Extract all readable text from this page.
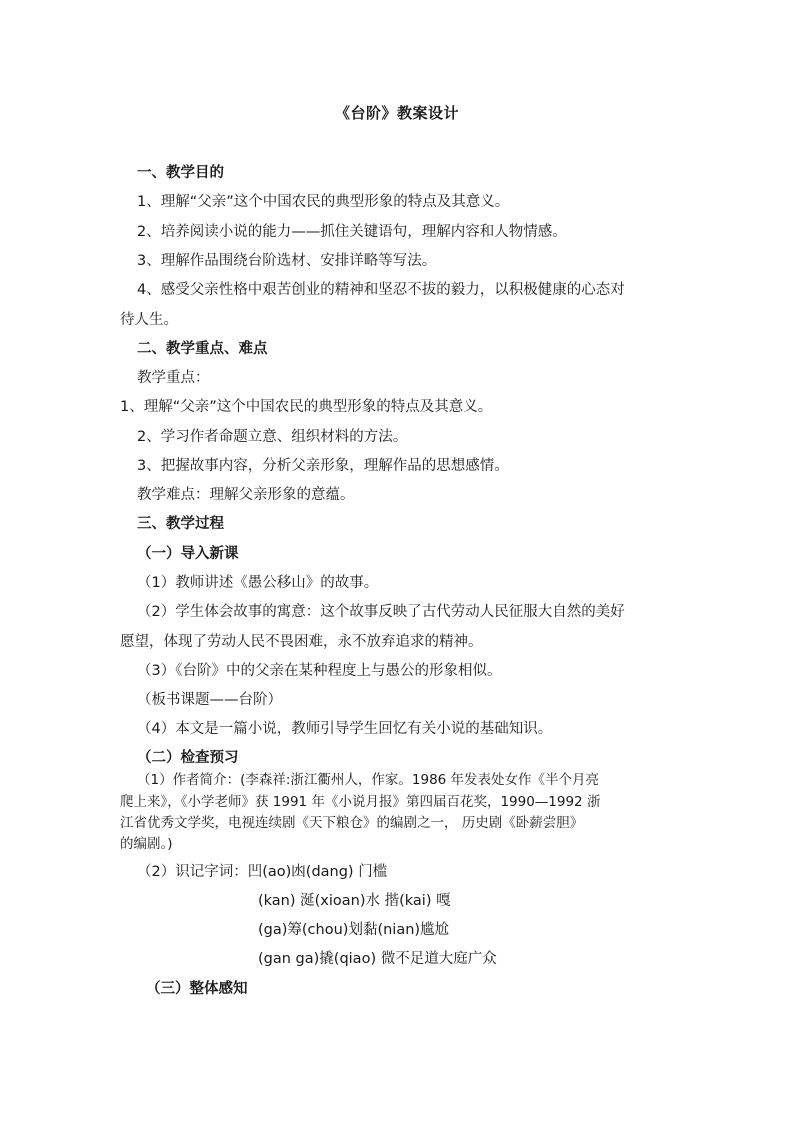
《台阶》教案设计
一、教学目的
1、理解“父亲”这个中国农民的典型形象的特点及其意义。
2、培养阅读小说的能力——抓住关键语句，理解内容和人物情感。
3、理解作品围绕台阶选材、安排详略等写法。
4、感受父亲性格中艰苦创业的精神和坚忍不拔的毅力，以积极健康的心态对
待人生。
二、教学重点、难点
教学重点：
1、理解“父亲”这个中国农民的典型形象的特点及其意义。
2、学习作者命题立意、组织材料的方法。
3、把握故事内容，分析父亲形象，理解作品的思想感情。
教学难点：理解父亲形象的意蕴。
三、教学过程
（一）导入新课
（1）教师讲述《愚公移山》的故事。
（2）学生体会故事的寓意：这个故事反映了古代劳动人民征服大自然的美好
愿望，体现了劳动人民不畏困难，永不放弃追求的精神。
（3）《台阶》中的父亲在某种程度上与愚公的形象相似。
（板书课题——台阶）
（4）本文是一篇小说，教师引导学生回忆有关小说的基础知识。
（二）检查预习
（1）作者简介：(李森祥:浙江衢州人，作家。1986 年发表处女作《半个月亮
爬上来》，《小学老师》获 1991 年《小说月报》第四届百花奖，1990—1992 浙
江省优秀文学奖，电视连续剧《天下粮仓》的编剧之一， 历史剧《卧薪尝胆》
的编剧。)
（2）识记字词：凹(ao)凼(dang) 门槛
(kan) 涎(xioan)水 揩(kai) 嘎
(ga)筹(chou)划黏(nian)尴尬
(gan ga)撬(qiao) 微不足道大庭广众
（三）整体感知
